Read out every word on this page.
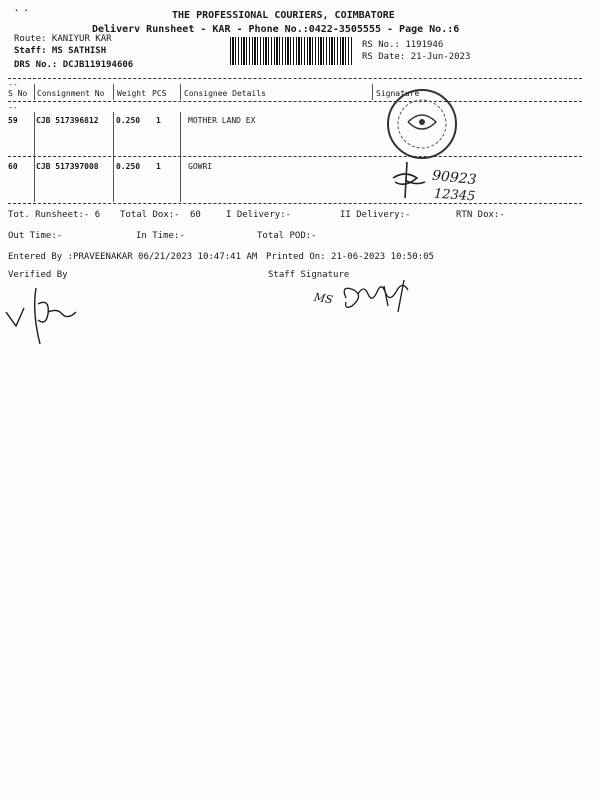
. .
THE PROFESSIONAL COURIERS, COIMBATORE
Deliverv Runsheet - KAR - Phone No.:0422-3505555 - Page No.:6
Route: KANIYUR KAR
Staff: MS SATHISH
DRS No.: DCJB119194606
RS No.: 1191946
RS Date: 21-Jun-2023
--
S No Consignment No Weight PCS Consignee Details	Signature
--
59 CJB 517396812 0.250 1	MOTHER LAND EX
60 CJB 517397008 0.250 1	GOWRI
90923
12345
Tot. Runsheet:- 6 Total Dox:- 60	I Delivery:-	II Delivery:-	RTN Dox:-
Out Time:-	In Time:-	Total POD:-
Entered By :PRAVEENAKAR 06/21/2023 10:47:41 AM Printed On: 21-06-2023 10:50:05
Verified By	Staff Signature
MS
